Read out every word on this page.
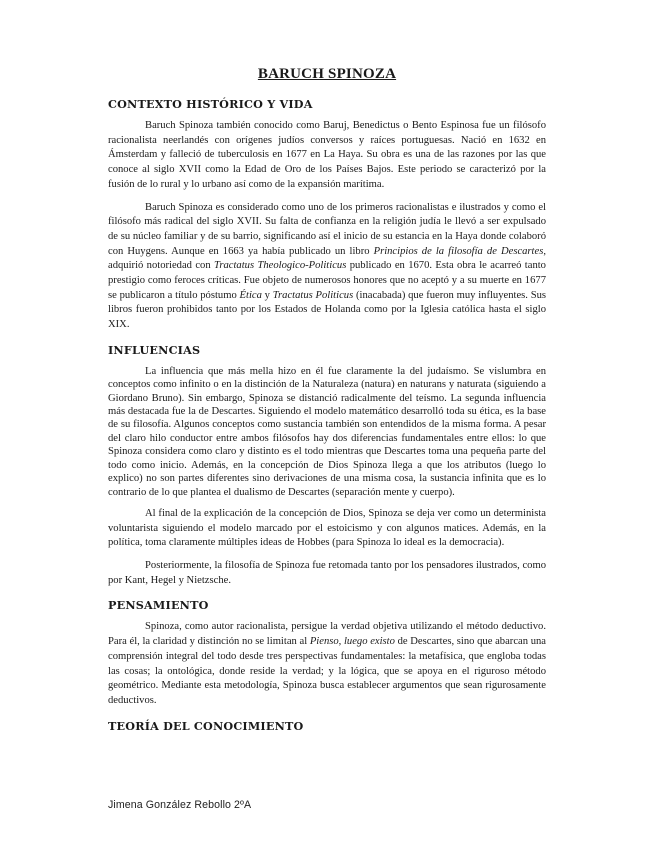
BARUCH SPINOZA
CONTEXTO HISTÓRICO Y VIDA

Baruch Spinoza también conocido como Baruj, Benedictus o Bento Espinosa fue un filósofo racionalista neerlandés con orígenes judíos conversos y raíces portuguesas. Nació en 1632 en Ámsterdam y falleció de tuberculosis en 1677 en La Haya. Su obra es una de las razones por las que conoce al siglo XVII como la Edad de Oro de los Países Bajos. Este periodo se caracterizó por la fusión de lo rural y lo urbano así como de la expansión marítima.

Baruch Spinoza es considerado como uno de los primeros racionalistas e ilustrados y como el filósofo más radical del siglo XVII. Su falta de confianza en la religión judía le llevó a ser expulsado de su núcleo familiar y de su barrio, significando así el inicio de su estancia en la Haya donde colaboró con Huygens. Aunque en 1663 ya había publicado un libro Principios de la filosofía de Descartes, adquirió notoriedad con Tractatus Theologico-Politicus publicado en 1670. Esta obra le acarreó tanto prestigio como feroces críticas. Fue objeto de numerosos honores que no aceptó y a su muerte en 1677 se publicaron a título póstumo Ética y Tractatus Politicus (inacabada) que fueron muy influyentes. Sus libros fueron prohibidos tanto por los Estados de Holanda como por la Iglesia católica hasta el siglo XIX.

INFLUENCIAS

La influencia que más mella hizo en él fue claramente la del judaísmo. Se vislumbra en conceptos como infinito o en la distinción de la Naturaleza (natura) en naturans y naturata (siguiendo a Giordano Bruno). Sin embargo, Spinoza se distanció radicalmente del teísmo. La segunda influencia más destacada fue la de Descartes. Siguiendo el modelo matemático desarrolló toda su ética, es la base de su filosofía. Algunos conceptos como sustancia también son entendidos de la misma forma. A pesar del claro hilo conductor entre ambos filósofos hay dos diferencias fundamentales entre ellos: lo que Spinoza considera como claro y distinto es el todo mientras que Descartes toma una pequeña parte del todo como inicio. Además, en la concepción de Dios Spinoza llega a que los atributos (luego lo explico) no son partes diferentes sino derivaciones de una misma cosa, la sustancia infinita que es lo contrario de lo que plantea el dualismo de Descartes (separación mente y cuerpo).

Al final de la explicación de la concepción de Dios, Spinoza se deja ver como un determinista voluntarista siguiendo el modelo marcado por el estoicismo y con algunos matices. Además, en la política, toma claramente múltiples ideas de Hobbes (para Spinoza lo ideal es la democracia).

Posteriormente, la filosofía de Spinoza fue retomada tanto por los pensadores ilustrados, como por Kant, Hegel y Nietzsche.

PENSAMIENTO

Spinoza, como autor racionalista, persigue la verdad objetiva utilizando el método deductivo. Para él, la claridad y distinción no se limitan al Pienso, luego existo de Descartes, sino que abarcan una comprensión integral del todo desde tres perspectivas fundamentales: la metafísica, que engloba todas las cosas; la ontológica, donde reside la verdad; y la lógica, que se apoya en el riguroso método geométrico. Mediante esta metodología, Spinoza busca establecer argumentos que sean rigurosamente deductivos.

TEORÍA DEL CONOCIMIENTO
Jimena González Rebollo 2ºA
